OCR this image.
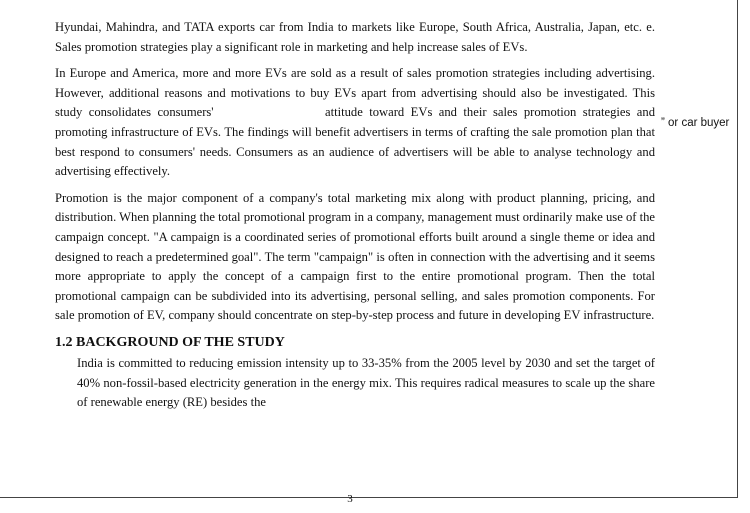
Hyundai, Mahindra, and TATA exports car from India to markets like Europe, South Africa, Australia, Japan, etc. e. Sales promotion strategies play a significant role in marketing and help increase sales of EVs.

In Europe and America, more and more EVs are sold as a result of sales promotion strategies including advertising. However, additional reasons and motivations to buy EVs apart from advertising should also be investigated. This study consolidates consumers'	attitude toward EVs and their sales promotion strategies and promoting infrastructure of EVs. The findings will benefit advertisers in terms of crafting the sale promotion plan that best respond to consumers' needs. Consumers as an audience of advertisers will be able to analyse technology and advertising effectively.

Promotion is the major component of a company's total marketing mix along with product planning, pricing, and distribution. When planning the total promotional program in a company, management must ordinarily make use of the campaign concept. "A campaign is a coordinated series of promotional efforts built around a single theme or idea and designed to reach a predetermined goal". The term "campaign" is often in connection with the advertising and it seems more appropriate to apply the concept of a campaign first to the entire promotional program. Then the total promotional campaign can be subdivided into its advertising, personal selling, and sales promotion components. For sale promotion of EV, company should concentrate on step-by-step process and future in developing EV infrastructure.

1.2 BACKGROUND OF THE STUDY

India is committed to reducing emission intensity up to 33-35% from the 2005 level by 2030 and set the target of 40% non-fossil-based electricity generation in the energy mix. This requires radical measures to scale up the share of renewable energy (RE) besides the

” or car buyer
3
